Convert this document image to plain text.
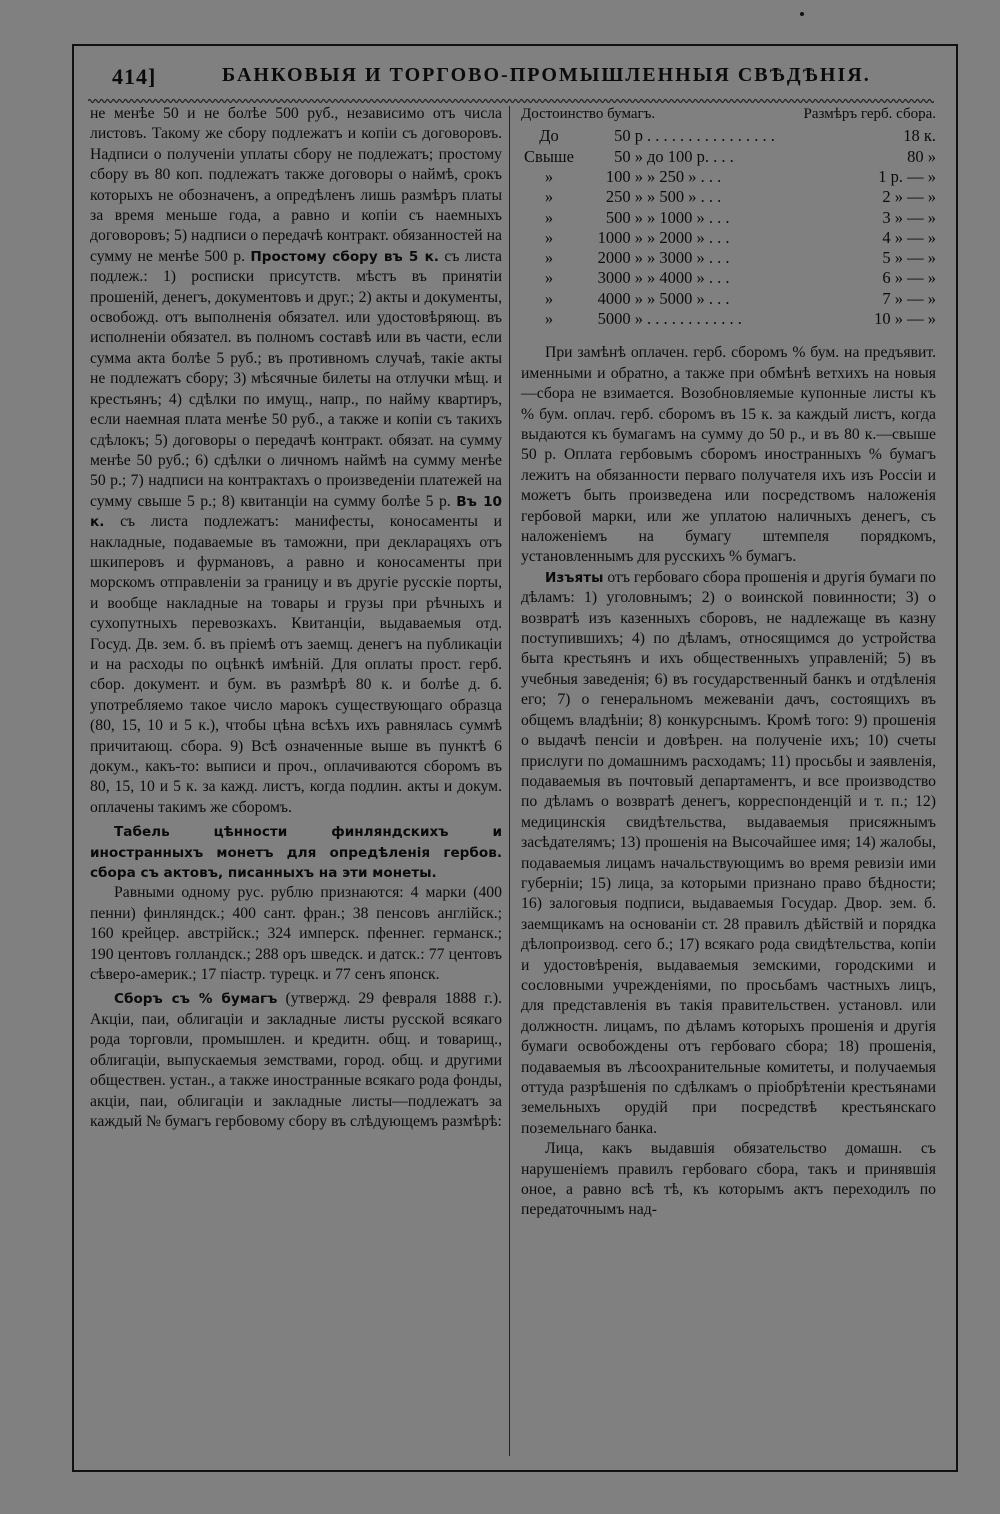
414]	БАНКОВЫЯ И ТОРГОВО-ПРОМЫШЛЕННЫЯ СВѢДѢНІЯ.

не менѣе 50 и не болѣе 500 руб., независимо отъ числа листовъ. Такому же сбору подлежатъ и копіи съ договоровъ. Надписи о полученіи уплаты сбору не подлежатъ; простому сбору въ 80 коп. подлежатъ также договоры о наймѣ, срокъ которыхъ не обозначенъ, а опредѣленъ лишь размѣръ платы за время меньше года, а равно и копіи съ наемныхъ договоровъ; 5) надписи о передачѣ контракт. обязанностей на сумму не менѣе 500 р. Простому сбору въ 5 к. съ листа подлеж.: 1) росписки присутств. мѣстъ въ принятіи прошеній, денегъ, документовъ и друг.; 2) акты и документы, освобожд. отъ выполненія обязател. или удостовѣряющ. въ исполненіи обязател. въ полномъ составѣ или въ части, если сумма акта болѣе 5 руб.; въ противномъ случаѣ, такіе акты не подлежатъ сбору; 3) мѣсячные билеты на отлучки мѣщ. и крестьянъ; 4) сдѣлки по имущ., напр., по найму квартиръ, если наемная плата менѣе 50 руб., а также и копіи съ такихъ сдѣлокъ; 5) договоры о передачѣ контракт. обязат. на сумму менѣе 50 руб.; 6) сдѣлки о личномъ наймѣ на сумму менѣе 50 р.; 7) надписи на контрактахъ о произведеніи платежей на сумму свыше 5 р.; 8) квитанціи на сумму болѣе 5 р. Въ 10 к. съ листа подлежатъ: манифесты, коносаменты и накладные, подаваемые въ таможни, при декларацяхъ отъ шкиперовъ и фурмановъ, а равно и коносаменты при морскомъ отправленіи за границу и въ другіе русскіе порты, и вообще накладные на товары и грузы при рѣчныхъ и сухопутныхъ перевозкахъ. Квитанціи, выдаваемыя отд. Госуд. Дв. зем. б. въ пріемѣ отъ заемщ. денегъ на публикаціи и на расходы по оцѣнкѣ имѣній. Для оплаты прост. герб. сбор. документ. и бум. въ размѣрѣ 80 к. и болѣе д. б. употребляемо такое число марокъ существующаго образца (80, 15, 10 и 5 к.), чтобы цѣна всѣхъ ихъ равнялась суммѣ причитающ. сбора. 9) Всѣ означенные выше въ пунктѣ 6 докум., какъ-то: выписи и проч., оплачиваются сборомъ въ 80, 15, 10 и 5 к. за кажд. листъ, когда подлин. акты и докум. оплачены такимъ же сборомъ.

Табель цѣнности финляндскихъ и иностранныхъ монетъ для опредѣленія гербов. сбора съ актовъ, писанныхъ на эти монеты.

Равными одному рус. рублю признаются: 4 марки (400 пенни) финляндск.; 400 сант. фран.; 38 пенсовъ англійск.; 160 крейцер. австрійск.; 324 имперск. пфеннег. германск.; 190 центовъ голландск.; 288 оръ шведск. и датск.: 77 центовъ сѣверо-америк.; 17 піастр. турецк. и 77 сенъ японск.

Сборъ съ % бумагъ (утвержд. 29 февраля 1888 г.). Акціи, паи, облигаціи и закладные листы русской всякаго рода торговли, промышлен. и кредитн. общ. и товарищ., облигаціи, выпускаемыя земствами, город. общ. и другими обществен. устан., а также иностранные всякаго рода фонды, акціи, паи, облигаціи и закладные листы—подлежатъ за каждый № бумагъ гербовому сбору въ слѣдующемъ размѣрѣ:

Достоинство бумагъ.	Размѣръ герб. сбора.
До	50 р	. . . . . . . . . . . . . . . .	18 к.
Свыше	50 »	до 100 р. . . .	80 »
»	100 »	» 250 » . . .	1 р. — »
»	250 »	» 500 » . . .	2 » — »
»	500 »	» 1000 » . . .	3 » — »
»	1000 »	» 2000 » . . .	4 » — »
»	2000 »	» 3000 » . . .	5 » — »
»	3000 »	» 4000 » . . .	6 » — »
»	4000 »	» 5000 » . . .	7 » — »
»	5000 »	. . . . . . . . . . . .	10 » — »

При замѣнѣ оплачен. герб. сборомъ % бум. на предъявит. именными и обратно, а также при обмѣнѣ ветхихъ на новыя—сбора не взимается. Возобновляемые купонные листы къ % бум. оплач. герб. сборомъ въ 15 к. за каждый листъ, когда выдаются къ бумагамъ на сумму до 50 р., и въ 80 к.—свыше 50 р. Оплата гербовымъ сборомъ иностранныхъ % бумагъ лежитъ на обязанности перваго получателя ихъ изъ Россіи и можетъ быть произведена или посредствомъ наложенія гербовой марки, или же уплатою наличныхъ денегъ, съ наложеніемъ на бумагу штемпеля порядкомъ, установленнымъ для русскихъ % бумагъ.

Изъяты отъ гербоваго сбора прошенія и другія бумаги по дѣламъ: 1) уголовнымъ; 2) о воинской повинности; 3) о возвратѣ изъ казенныхъ сборовъ, не надлежаще въ казну поступившихъ; 4) по дѣламъ, относящимся до устройства быта крестьянъ и ихъ общественныхъ управленій; 5) въ учебныя заведенія; 6) въ государственный банкъ и отдѣленія его; 7) о генеральномъ межеваніи дачъ, состоящихъ въ общемъ владѣніи; 8) конкурснымъ. Кромѣ того: 9) прошенія о выдачѣ пенсіи и довѣрен. на полученіе ихъ; 10) счеты прислуги по домашнимъ расходамъ; 11) просьбы и заявленія, подаваемыя въ почтовый департаментъ, и все производство по дѣламъ о возвратѣ денегъ, корреспонденцій и т. п.; 12) медицинскія свидѣтельства, выдаваемыя присяжнымъ засѣдателямъ; 13) прошенія на Высочайшее имя; 14) жалобы, подаваемыя лицамъ начальствующимъ во время ревизіи ими губерніи; 15) лица, за которыми признано право бѣдности; 16) залоговыя подписи, выдаваемыя Государ. Двор. зем. б. заемщикамъ на основаніи ст. 28 правилъ дѣйствій и порядка дѣлопроизвод. сего б.; 17) всякаго рода свидѣтельства, копіи и удостовѣренія, выдаваемыя земскими, городскими и сословными учрежденіями, по просьбамъ частныхъ лицъ, для представленія въ такія правительствен. установл. или должностн. лицамъ, по дѣламъ которыхъ прошенія и другія бумаги освобождены отъ гербоваго сбора; 18) прошенія, подаваемыя въ лѣсоохранительные комитеты, и получаемыя оттуда разрѣшенія по сдѣлкамъ о пріобрѣтеніи крестьянами земельныхъ орудій при посредствѣ крестьянскаго поземельнаго банка.

Лица, какъ выдавшія обязательство домашн. съ нарушеніемъ правилъ гербоваго сбора, такъ и принявшія оное, а равно всѣ тѣ, къ которымъ актъ переходилъ по передаточнымъ над-
